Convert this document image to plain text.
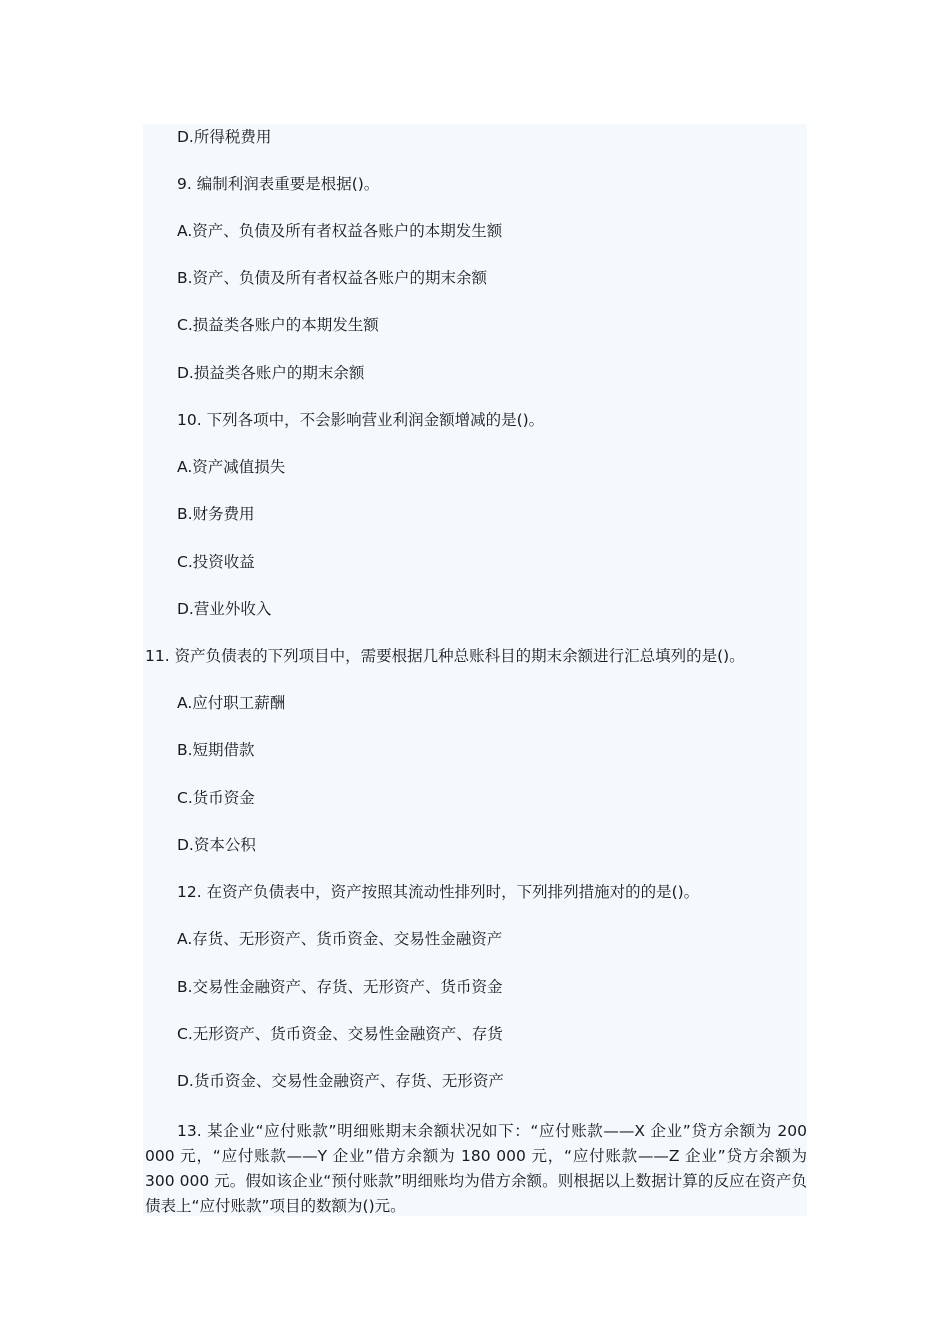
D.所得税费用

9. 编制利润表重要是根据()。

A.资产、负债及所有者权益各账户的本期发生额

B.资产、负债及所有者权益各账户的期末余额

C.损益类各账户的本期发生额

D.损益类各账户的期末余额

10. 下列各项中，不会影响营业利润金额增减的是()。

A.资产减值损失

B.财务费用

C.投资收益

D.营业外收入

11. 资产负债表的下列项目中，需要根据几种总账科目的期末余额进行汇总填列的是()。

A.应付职工薪酬

B.短期借款

C.货币资金

D.资本公积

12. 在资产负债表中，资产按照其流动性排列时，下列排列措施对的的是()。

A.存货、无形资产、货币资金、交易性金融资产

B.交易性金融资产、存货、无形资产、货币资金

C.无形资产、货币资金、交易性金融资产、存货

D.货币资金、交易性金融资产、存货、无形资产

13. 某企业“应付账款”明细账期末余额状况如下：“应付账款——X 企业”贷方余额为 200 000 元，“应付账款——Y 企业”借方余额为 180 000 元，“应付账款——Z 企业”贷方余额为 300 000 元。假如该企业“预付账款”明细账均为借方余额。则根据以上数据计算的反应在资产负债表上“应付账款”项目的数额为()元。
